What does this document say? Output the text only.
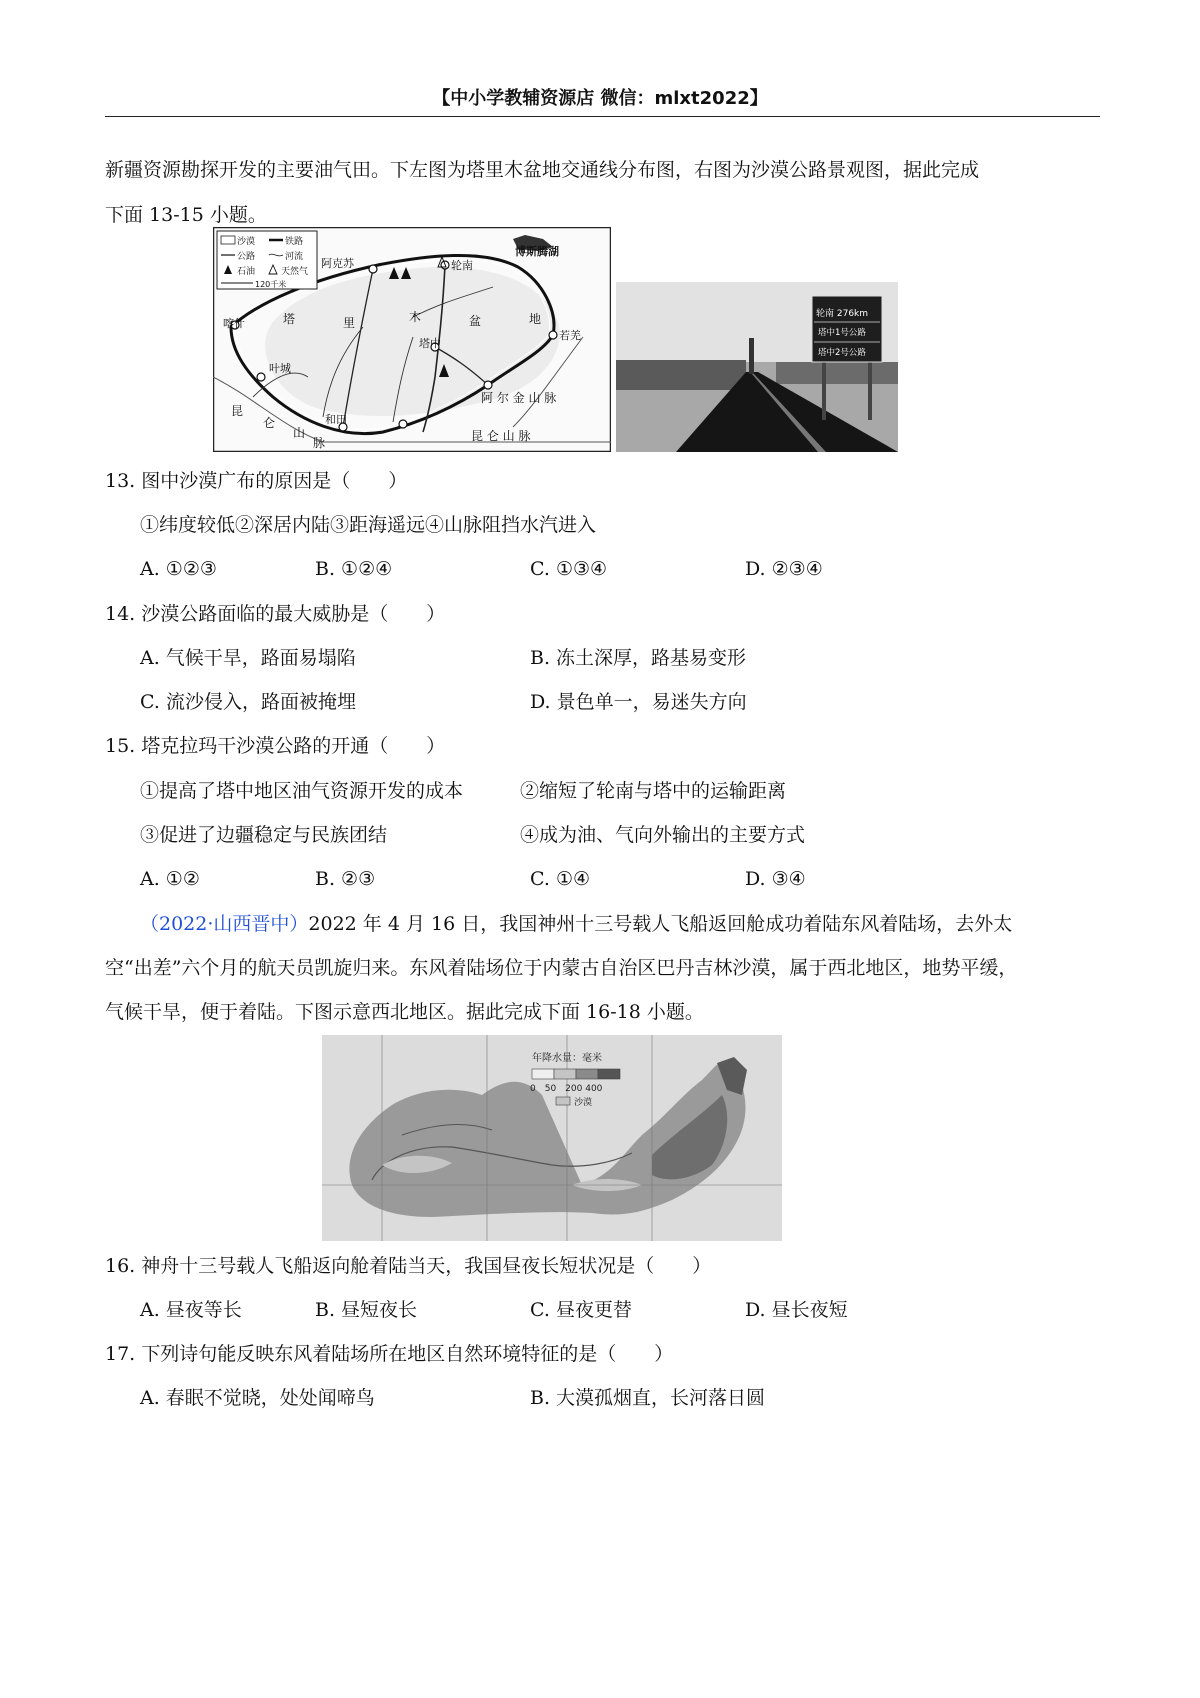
【中小学教辅资源店 微信：mlxt2022】
新疆资源勘探开发的主要油气田。下左图为塔里木盆地交通线分布图，右图为沙漠公路景观图，据此完成
下面 13-15 小题。
沙漠	铁路
公路	河流
石油	天然气
120千米
阿克苏	轮南
博斯腾湖
喀什
叶城
和田
塔中
若羌
塔	里	木	盆	地
昆
仑
山
脉
阿 尔 金 山 脉
昆 仑 山 脉
轮南 276km
塔中1号公路
塔中2号公路
13. 图中沙漠广布的原因是（　　）
①纬度较低②深居内陆③距海遥远④山脉阻挡水汽进入
A. ①②③	B. ①②④	C. ①③④	D. ②③④
14. 沙漠公路面临的最大威胁是（　　）
A. 气候干旱，路面易塌陷	B. 冻土深厚，路基易变形
C. 流沙侵入，路面被掩埋	D. 景色单一，易迷失方向
15. 塔克拉玛干沙漠公路的开通（　　）
①提高了塔中地区油气资源开发的成本	②缩短了轮南与塔中的运输距离
③促进了边疆稳定与民族团结	④成为油、气向外输出的主要方式
A. ①②	B. ②③	C. ①④	D. ③④
（2022·山西晋中）2022 年 4 月 16 日，我国神州十三号载人飞船返回舱成功着陆东风着陆场，去外太
空“出差”六个月的航天员凯旋归来。东风着陆场位于内蒙古自治区巴丹吉林沙漠，属于西北地区，地势平缓，
气候干旱，便于着陆。下图示意西北地区。据此完成下面 16-18 小题。
年降水量：毫米
0　50　200 400
沙漠
16. 神舟十三号载人飞船返向舱着陆当天，我国昼夜长短状况是（　　）
A. 昼夜等长	B. 昼短夜长	C. 昼夜更替	D. 昼长夜短
17. 下列诗句能反映东风着陆场所在地区自然环境特征的是（　　）
A. 春眠不觉晓，处处闻啼鸟	B. 大漠孤烟直，长河落日圆
